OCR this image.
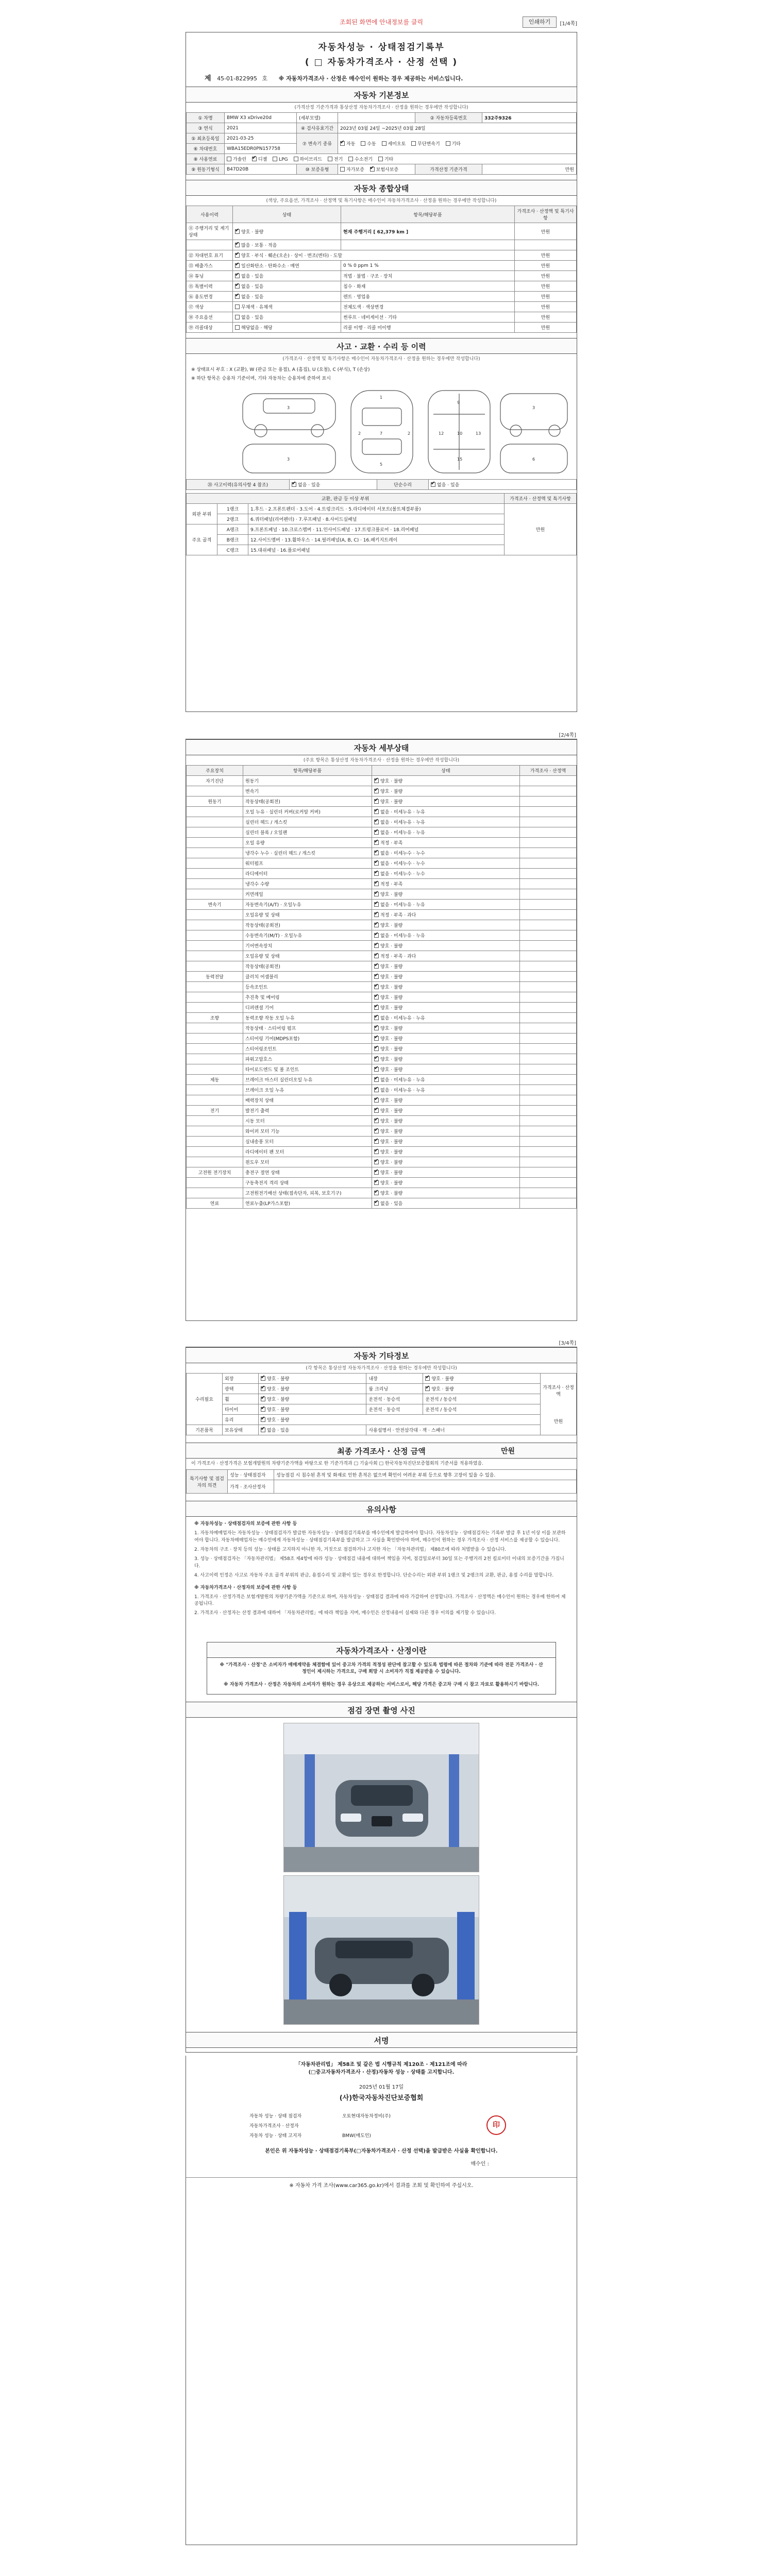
조회된 화면에 안내정보를 클릭	인쇄하기	[1/4쪽]
자동차성능 · 상태점검기록부
( □ 자동차가격조사 · 산정 선택 )
제 45-01-822995 호 ※ 자동차가격조사 · 산정은 매수인이 원하는 경우 제공하는 서비스입니다.
자동차 기본정보
(가격산정 기준가격과 통상산정 자동차가격조사 · 산정을 원하는 경우에만 작성합니다)
① 차명	BMW X3 xDrive20d	(세부모델)		② 자동차등록번호	332주9326
③ 연식	2021	④ 검사유효기간	2023년 03월 24일 ~2025년 03월 28일		
⑤ 최초등록일	2021-03-25	⑦ 변속기 종류	✔자동 수동 세미오토 무단변속기 기타
⑥ 차대번호	WBA15EDR0PN157758				
⑧ 사용연료	가솔린 ✔ 디젤 LPG 하이브리드 전기 수소전기 기타
⑨ 원동기형식	B47D20B	⑩ 보증유형	자가보증 ✔ 보험사보증	가격산정 기준가격	만원
자동차 종합상태
(색상, 주요옵션, 가격조사 · 산정액 및 특기사항은 매수인이 자동차가격조사 · 산정을 원하는 경우에만 작성합니다)
사용이력	상태	항목/해당부품	가격조사 · 산정액 및 특기사항
⑪ 주행거리 및 계기상태	✔양호 · 불량	현재 주행거리 [ 62,379 km ]	만원
	✔많음 · 보통 · 적음		
⑫ 차대번호 표기	✔양호 · 부식 · 훼손(오손) · 상이 · 변조(변타) · 도말		만원
⑬ 배출가스	✔일산화탄소 · 탄화수소 · 매연	0 % 0 ppm 1 %	만원
⑭ 튜닝	✔없음 · 있음	적법 · 불법 · 구조 · 장치	만원
⑮ 특별이력	✔없음 · 있음	침수 · 화재	만원
⑯ 용도변경	✔없음 · 있음	렌트 · 영업용	만원
⑰ 색상	무채색 · 유채색	전체도색 · 색상변경	만원
⑱ 주요옵션	없음 · 있음	썬루프 · 네비게이션 · 기타	만원
⑲ 리콜대상	해당없음 · 해당	리콜 이행 · 리콜 미이행	만원
사고 · 교환 · 수리 등 이력
(가격조사 · 산정액 및 특기사항은 매수인이 자동차가격조사 · 산정을 원하는 경우에만 작성합니다)
※ 상태표시 부호 : X (교환), W (판금 또는 용접), A (흠집), U (요철), C (부식), T (손상)
※ 하단 항목은 승용차 기준이며, 기타 자동차는 승용차에 준하여 표시
3
3
1
7
5
9
10
15
3
6
2	2	12	13
⑳ 사고이력(유의사항 4 참조)	✔없음 · 있음	단순수리	✔없음 · 있음
교환, 판금 등 이상 부위			가격조사 · 산정액 및 특기사항
외판 부위	1랭크	1.후드 · 2.프론트펜더 · 3.도어 · 4.트렁크리드 · 5.라디에이터 서포트(볼트체결부품)	만원
	2랭크	6.쿼터패널(리어펜더) · 7.루프패널 · 8.사이드실패널	
주요 골격	A랭크	9.프론트패널 · 10.크로스멤버 · 11.인사이드패널 · 17.트렁크플로어 · 18.리어패널	
	B랭크	12.사이드멤버 · 13.휠하우스 · 14.필러패널(A, B, C) · 16.패키지트레이	
	C랭크	15.대쉬패널 · 16.플로어패널	
[2/4쪽]
자동차 세부상태
(주요 항목은 통상산정 자동차가격조사 · 산정을 원하는 경우에만 작성합니다)
주요장치	항목/해당부품	상태	가격조사 · 산정액
자기진단	원동기	✔양호 · 불량	
	변속기	✔양호 · 불량	
원동기	작동상태(공회전)	✔양호 · 불량	
	오일 누유 · 실린더 커버(로커암 커버)	✔없음 · 미세누유 · 누유	
	실린더 헤드 / 개스킷	✔없음 · 미세누유 · 누유	
	실린더 블록 / 오일팬	✔없음 · 미세누유 · 누유	
	오일 유량	✔적정 · 부족	
	냉각수 누수 · 실린더 헤드 / 개스킷	✔없음 · 미세누수 · 누수	
	워터펌프	✔없음 · 미세누수 · 누수	
	라디에이터	✔없음 · 미세누수 · 누수	
	냉각수 수량	✔적정 · 부족	
	커먼레일	✔양호 · 불량	
변속기	자동변속기(A/T) · 오일누유	✔없음 · 미세누유 · 누유	
	오일유량 및 상태	✔적정 · 부족 · 과다	
	작동상태(공회전)	✔양호 · 불량	
	수동변속기(M/T) · 오일누유	✔없음 · 미세누유 · 누유	
	기어변속장치	✔양호 · 불량	
	오일유량 및 상태	✔적정 · 부족 · 과다	
	작동상태(공회전)	✔양호 · 불량	
동력전달	클러치 어셈블리	✔양호 · 불량	
	등속조인트	✔양호 · 불량	
	추진축 및 베어링	✔양호 · 불량	
	디퍼렌셜 기어	✔양호 · 불량	
조향	동력조향 작동 오일 누유	✔없음 · 미세누유 · 누유	
	작동상태 · 스티어링 펌프	✔양호 · 불량	
	스티어링 기어(MDPS포함)	✔양호 · 불량	
	스티어링조인트	✔양호 · 불량	
	파워고압호스	✔양호 · 불량	
	타이로드엔드 및 볼 조인트	✔양호 · 불량	
제동	브레이크 마스터 실린더오일 누유	✔없음 · 미세누유 · 누유	
	브레이크 오일 누유	✔없음 · 미세누유 · 누유	
	배력장치 상태	✔양호 · 불량	
전기	발전기 출력	✔양호 · 불량	
	시동 모터	✔양호 · 불량	
	와이퍼 모터 기능	✔양호 · 불량	
	실내송풍 모터	✔양호 · 불량	
	라디에이터 팬 모터	✔양호 · 불량	
	윈도우 모터	✔양호 · 불량	
고전원 전기장치	충전구 절연 상태	✔양호 · 불량	
	구동축전지 격리 상태	✔양호 · 불량	
	고전원전기배선 상태(접속단자, 피복, 보호기구)	✔양호 · 불량	
연료	연료누출(LP가스포함)	✔없음 · 있음	
[3/4쪽]
자동차 기타정보
(각 항목은 통상산정 자동차가격조사 · 산정을 원하는 경우에만 작성합니다)
수리필요	외장	✔양호 · 불량	내장	✔양호 · 불량	가격조사 · 산정액
만원

	광택	✔양호 · 불량	룸 크리닝	✔양호 · 불량
	휠	✔양호 · 불량	운전석 · 동승석	운전석 / 동승석	
	타이어	✔양호 · 불량	운전석 · 동승석	운전석 / 동승석	
	유리	✔양호 · 불량
기본품목	보유상태	✔없음 · 있음	사용설명서 · 안전삼각대 · 잭 · 스패너		
최종 가격조사 · 산정 금액	만원
이 가격조사 · 산정가격은 보험개발원의 차량기준가액을 바탕으로 한 기준가격과 □ 기술사회 □ 한국자동차진단보증협회의 기준서를 적용하였음.
특기사항 및 점검자의 의견	성능 · 상태점검자	성능점검 시 침수된 흔적 및 화재로 인한 흔적은 없으며 확인이 어려운 부위 등으로 향후 고장이 있을 수 있음.
	가격 · 조사산정자	
유의사항
※ 자동차성능 · 상태점검자의 보증에 관한 사항 등
1. 자동차매매업자는 자동차성능 · 상태점검자가 발급한 자동차성능 · 상태점검기록부를 매수인에게 발급하여야 합니다. 자동차성능 · 상태점검자는 기록부 발급 후 1년 이상 이를 보관하여야 합니다. 자동차매매업자는 매수인에게 자동차성능 · 상태점검기록부를 발급하고 그 사실을 확인받아야 하며, 매수인이 원하는 경우 가격조사 · 산정 서비스를 제공할 수 있습니다.
2. 자동차의 구조 · 장치 등의 성능 · 상태를 고지하지 아니한 자, 거짓으로 점검하거나 고지한 자는 「자동차관리법」 제80조에 따라 처벌받을 수 있습니다.
3. 성능 · 상태점검자는 「자동차관리법」 제58조 제4항에 따라 성능 · 상태점검 내용에 대하여 책임을 지며, 점검일로부터 30일 또는 주행거리 2천 킬로미터 이내의 보증기간을 가집니다.
4. 사고이력 인정은 사고로 자동차 주요 골격 부위의 판금, 용접수리 및 교환이 있는 경우로 한정합니다. 단순수리는 외판 부위 1랭크 및 2랭크의 교환, 판금, 용접 수리를 말합니다.
※ 자동차가격조사 · 산정자의 보증에 관한 사항 등
1. 가격조사 · 산정가격은 보험개발원의 차량기준가액을 기준으로 하며, 자동차성능 · 상태점검 결과에 따라 가감하여 산정합니다. 가격조사 · 산정액은 매수인이 원하는 경우에 한하여 제공됩니다.
2. 가격조사 · 산정자는 산정 결과에 대하여 「자동차관리법」에 따라 책임을 지며, 매수인은 산정내용이 실제와 다른 경우 이의를 제기할 수 있습니다.
자동차가격조사 · 산정이란
※ "가격조사 · 산정"은 소비자가 매매계약을 체결함에 있어 중고차 가격의 적정성 판단에 참고할 수 있도록 법령에 따른 절차와 기준에 따라 전문 가격조사 · 산정인이 제시하는 가격으로, 구매 희망 시 소비자가 직접 제공받을 수 있습니다.
※ 자동차 가격조사 · 산정은 자동차의 소비자가 원하는 경우 유상으로 제공하는 서비스로서, 해당 가격은 중고차 구매 시 참고 자료로 활용하시기 바랍니다.
점검 장면 촬영 사진
서명
「자동차관리법」 제58조 및 같은 법 시행규칙 제120조 · 제121조에 따라
(□중고자동차가격조사 · 산정)자동차 성능 · 상태를 고지합니다.
2025년 01월 17일
(사)한국자동차진단보증협회
자동차 성능 · 상태 점검자	오토현대자동차정비(주)	印

자동차가격조사 · 산정자		
자동차 성능 · 상태 고지자	BMW(매도인)	
본인은 위 자동차성능 · 상태점검기록부(□자동차가격조사 · 산정 선택)을 발급받은 사실을 확인합니다.
매수인 :
※ 자동차 가격 조사(www.car365.go.kr)에서 결과를 조회 및 확인하여 주십시오.
